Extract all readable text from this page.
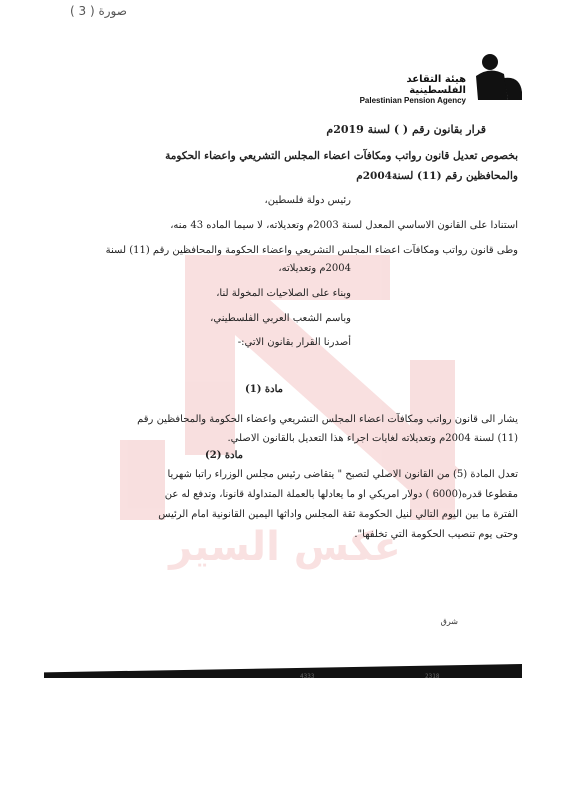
( 3 ) صورة
عكس السير
هيئة التقاعد الفلسطينية
Palestinian Pension Agency
قرار بقانون رقم ( ) لسنة 2019م
بخصوص تعديل قانون رواتب ومكافآت اعضاء المجلس التشريعي واعضاء الحكومة
والمحافظين رقم (11) لسنة2004م
رئيس دولة فلسطين،
استنادا على القانون الاساسي المعدل لسنة 2003م وتعديلاته، لا سيما الماده 43 منه،
وطى قانون رواتب ومكافآت اعضاء المجلس التشريعي واعضاء الحكومة والمحافظين رقم (11) لسنة
2004م وتعديلاته،
وبناء على الصلاحيات المخولة لنا،
وباسم الشعب العربي الفلسطيني،
أصدرنا القرار بقانون الاتي:-
مادة (1)
يشار الى قانون رواتب ومكافآت اعضاء المجلس التشريعي واعضاء الحكومة والمحافظين رقم
(11) لسنة 2004م وتعديلاته لغايات اجراء هذا التعديل بالقانون الاصلي.
مادة (2)
تعدل المادة (5) من القانون الاصلي لتصبح " يتقاضى رئيس مجلس الوزراء راتبا شهريا
مقطوعا قدره(6000 ) دولار امريكي او ما يعادلها بالعملة المتداولة قانونا، وتدفع له عن
الفترة ما بين اليوم التالي لنيل الحكومة ثقة المجلس واداثها اليمين القانونية امام الرئيس
وحتى يوم تنصيب الحكومة التي تخلفها".
شرق
4333	2318
